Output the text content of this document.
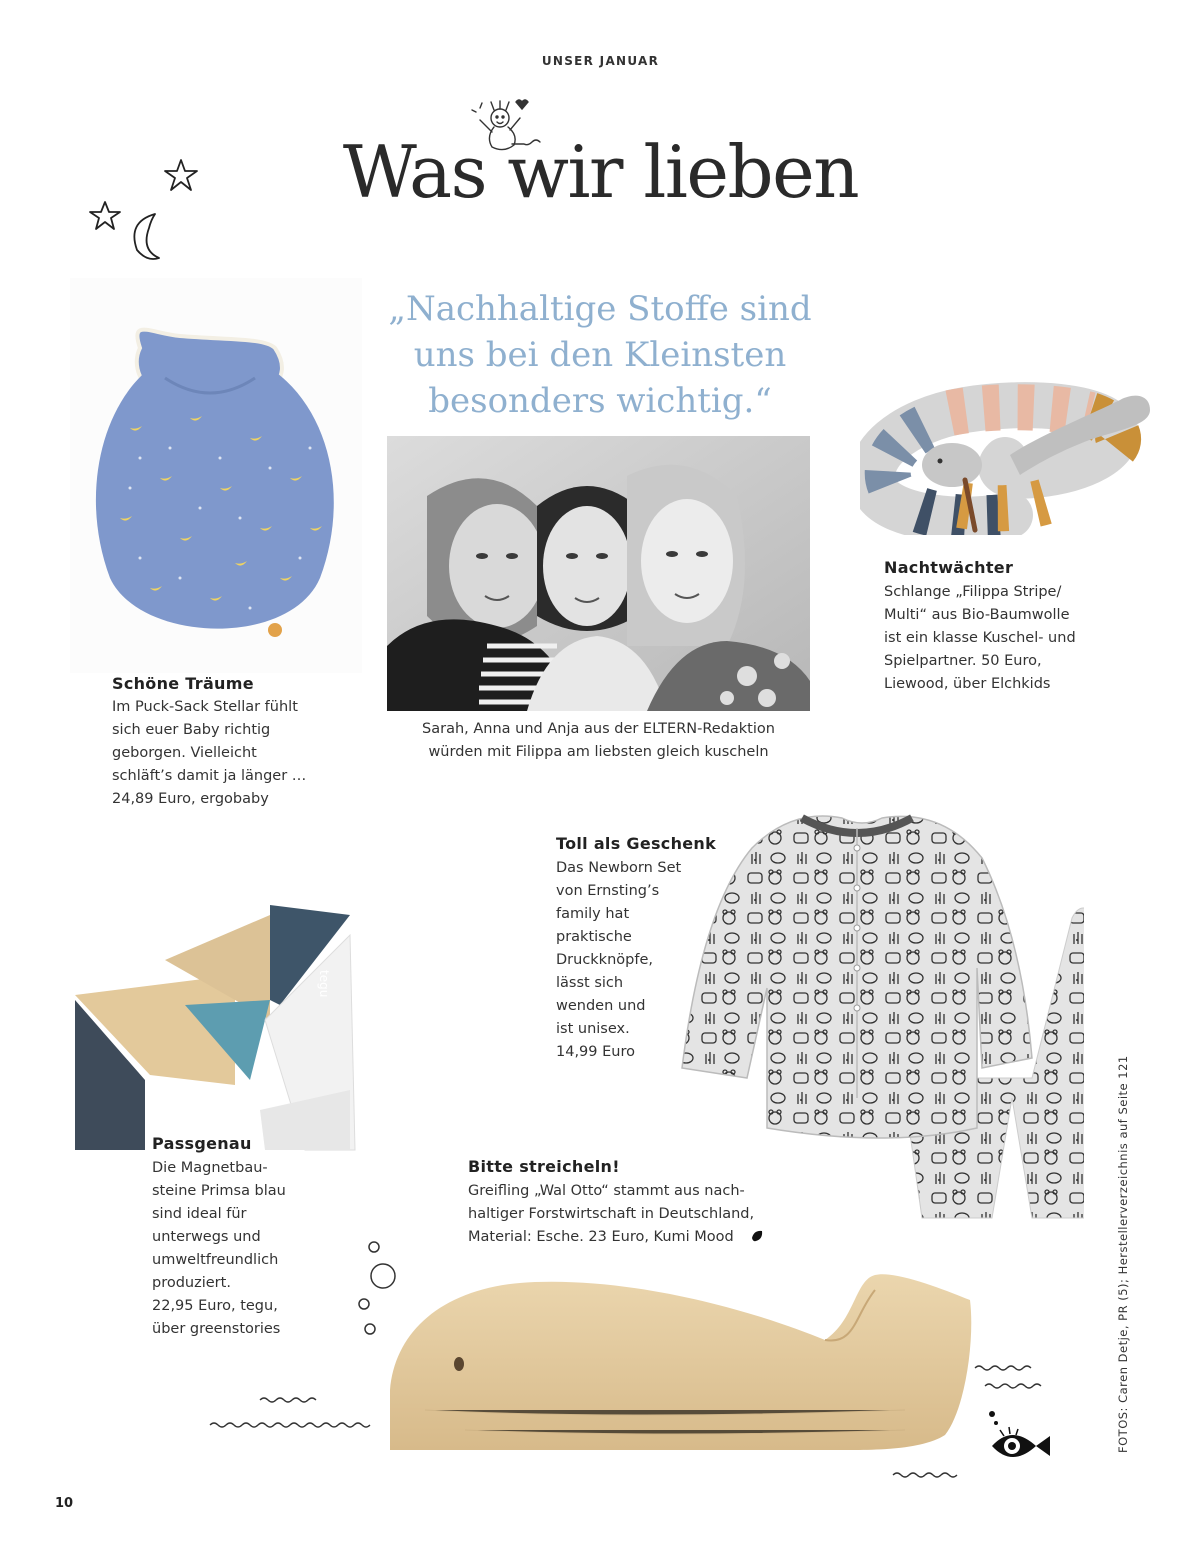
UNSER JANUAR
Was wir lieben
„Nachhaltige Stoffe sind uns bei den Kleinsten besonders wichtig.“
Schöne Träume
Im Puck-Sack Stellar fühlt
sich euer Baby richtig
geborgen. Vielleicht
schläft’s damit ja länger …
24,89 Euro, ergobaby
Sarah, Anna und Anja aus der ELTERN-Redaktion
würden mit Filippa am liebsten gleich kuscheln
Nachtwächter
Schlange „Filippa Stripe/
Multi“ aus Bio-Baumwolle
ist ein klasse Kuschel- und
Spielpartner. 50 Euro,
Liewood, über Elchkids
Toll als Geschenk
Das Newborn Set
von Ernsting’s
family hat
praktische
Druckknöpfe,
lässt sich
wenden und
ist unisex.
14,99 Euro
tegu
Passgenau
Die Magnetbau-
steine Primsa blau
sind ideal für
unterwegs und
umweltfreundlich
produziert.
22,95 Euro, tegu,
über greenstories
Bitte streicheln!
Greifling „Wal Otto“ stammt aus nach-
haltiger Forstwirtschaft in Deutschland,
Material: Esche. 23 Euro, Kumi Mood	FOTOS: Caren Detje, PR (5); Herstellerverzeichnis auf Seite 121
10
